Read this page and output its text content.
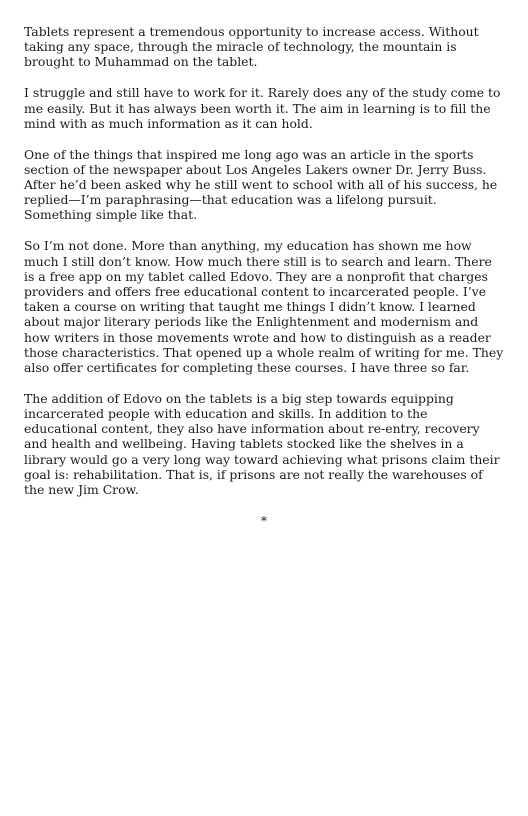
Tablets represent a tremendous opportunity to increase access. Without taking any space, through the miracle of technology, the mountain is brought to Muhammad on the tablet.

I struggle and still have to work for it. Rarely does any of the study come to me easily. But it has always been worth it. The aim in learning is to fill the mind with as much information as it can hold.

One of the things that inspired me long ago was an article in the sports section of the newspaper about Los Angeles Lakers owner Dr. Jerry Buss. After he’d been asked why he still went to school with all of his success, he replied—I’m paraphrasing—that education was a lifelong pursuit. Something simple like that.

So I’m not done. More than anything, my education has shown me how much I still don’t know. How much there still is to search and learn. There is a free app on my tablet called Edovo. They are a nonprofit that charges providers and offers free educational content to incarcerated people. I’ve taken a course on writing that taught me things I didn’t know. I learned about major literary periods like the Enlightenment and modernism and how writers in those movements wrote and how to distinguish as a reader those characteristics. That opened up a whole realm of writing for me. They also offer certificates for completing these courses. I have three so far.

The addition of Edovo on the tablets is a big step towards equipping incarcerated people with education and skills. In addition to the educational content, they also have information about re-entry, recovery and health and wellbeing. Having tablets stocked like the shelves in a library would go a very long way toward achieving what prisons claim their goal is: rehabilitation. That is, if prisons are not really the warehouses of the new Jim Crow.

*
